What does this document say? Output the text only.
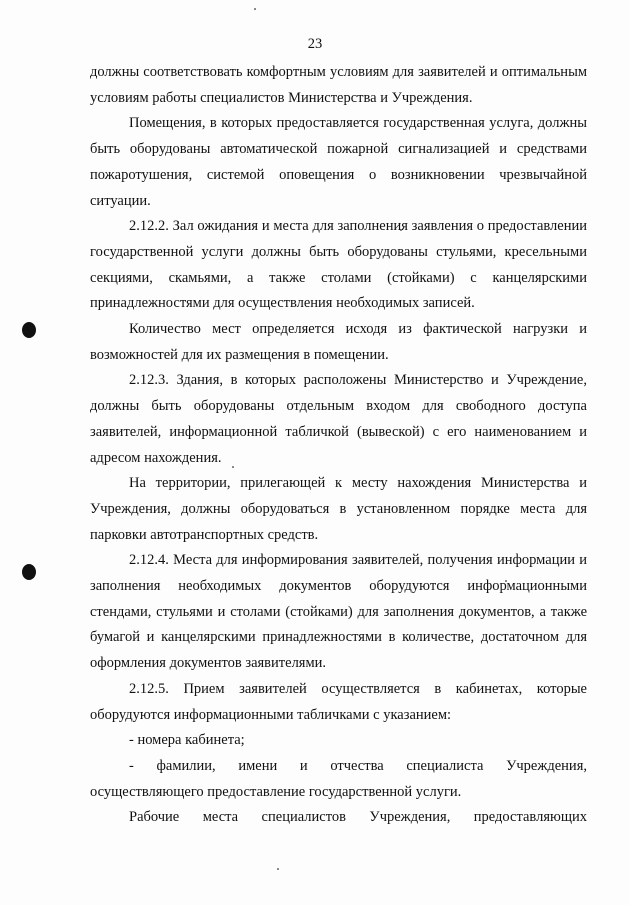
23

должны соответствовать комфортным условиям для заявителей и оптимальным условиям работы специалистов Министерства и Учреждения.

Помещения, в которых предоставляется государственная услуга, должны быть оборудованы автоматической пожарной сигнализацией и средствами пожаротушения, системой оповещения о возникновении чрезвычайной ситуации.

2.12.2. Зал ожидания и места для заполнения заявления о предоставлении государственной услуги должны быть оборудованы стульями, кресельными секциями, скамьями, а также столами (стойками) с канцелярскими принадлежностями для осуществления необходимых записей.

Количество мест определяется исходя из фактической нагрузки и возможностей для их размещения в помещении.

2.12.3. Здания, в которых расположены Министерство и Учреждение, должны быть оборудованы отдельным входом для свободного доступа заявителей, информационной табличкой (вывеской) с его наименованием и адресом нахождения.

На территории, прилегающей к месту нахождения Министерства и Учреждения, должны оборудоваться в установленном порядке места для парковки автотранспортных средств.

2.12.4. Места для информирования заявителей, получения информации и заполнения необходимых документов оборудуются информационными стендами, стульями и столами (стойками) для заполнения документов, а также бумагой и канцелярскими принадлежностями в количестве, достаточном для оформления документов заявителями.

2.12.5. Прием заявителей осуществляется в кабинетах, которые оборудуются информационными табличками с указанием:

- номера кабинета;

- фамилии, имени и отчества специалиста Учреждения, осуществляющего предоставление государственной услуги.

Рабочие места специалистов Учреждения, предоставляющих
